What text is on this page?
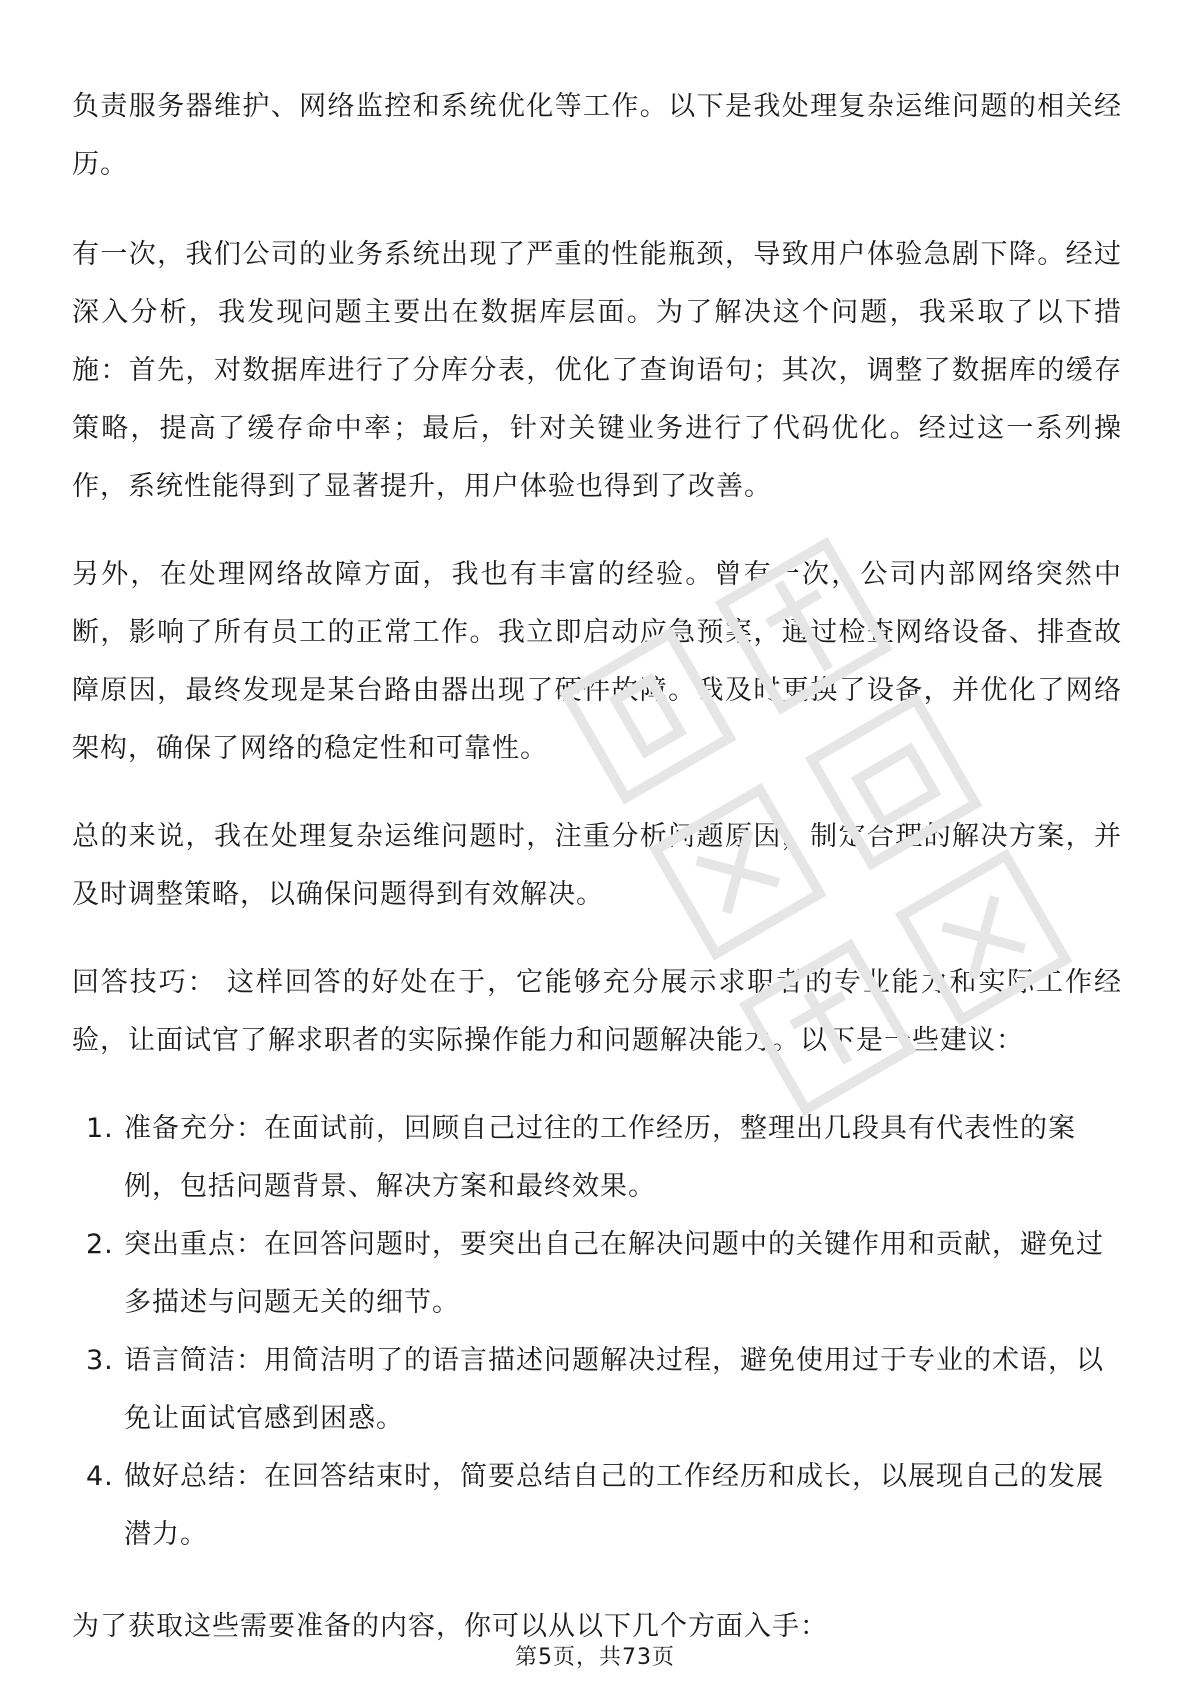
负责服务器维护、网络监控和系统优化等工作。以下是我处理复杂运维问题的相关经历。

有一次，我们公司的业务系统出现了严重的性能瓶颈，导致用户体验急剧下降。经过深入分析，我发现问题主要出在数据库层面。为了解决这个问题，我采取了以下措施：首先，对数据库进行了分库分表，优化了查询语句；其次，调整了数据库的缓存策略，提高了缓存命中率；最后，针对关键业务进行了代码优化。经过这一系列操作，系统性能得到了显著提升，用户体验也得到了改善。

另外，在处理网络故障方面，我也有丰富的经验。曾有一次，公司内部网络突然中断，影响了所有员工的正常工作。我立即启动应急预案，通过检查网络设备、排查故障原因，最终发现是某台路由器出现了硬件故障。我及时更换了设备，并优化了网络架构，确保了网络的稳定性和可靠性。

总的来说，我在处理复杂运维问题时，注重分析问题原因，制定合理的解决方案，并及时调整策略，以确保问题得到有效解决。

回答技巧： 这样回答的好处在于，它能够充分展示求职者的专业能力和实际工作经验，让面试官了解求职者的实际操作能力和问题解决能力。以下是一些建议：

1. 准备充分：在面试前，回顾自己过往的工作经历，整理出几段具有代表性的案例，包括问题背景、解决方案和最终效果。
2. 突出重点：在回答问题时，要突出自己在解决问题中的关键作用和贡献，避免过多描述与问题无关的细节。
3. 语言简洁：用简洁明了的语言描述问题解决过程，避免使用过于专业的术语，以免让面试官感到困惑。
4. 做好总结：在回答结束时，简要总结自己的工作经历和成长，以展现自己的发展潜力。

为了获取这些需要准备的内容，你可以从以下几个方面入手：

第5页，共73页
